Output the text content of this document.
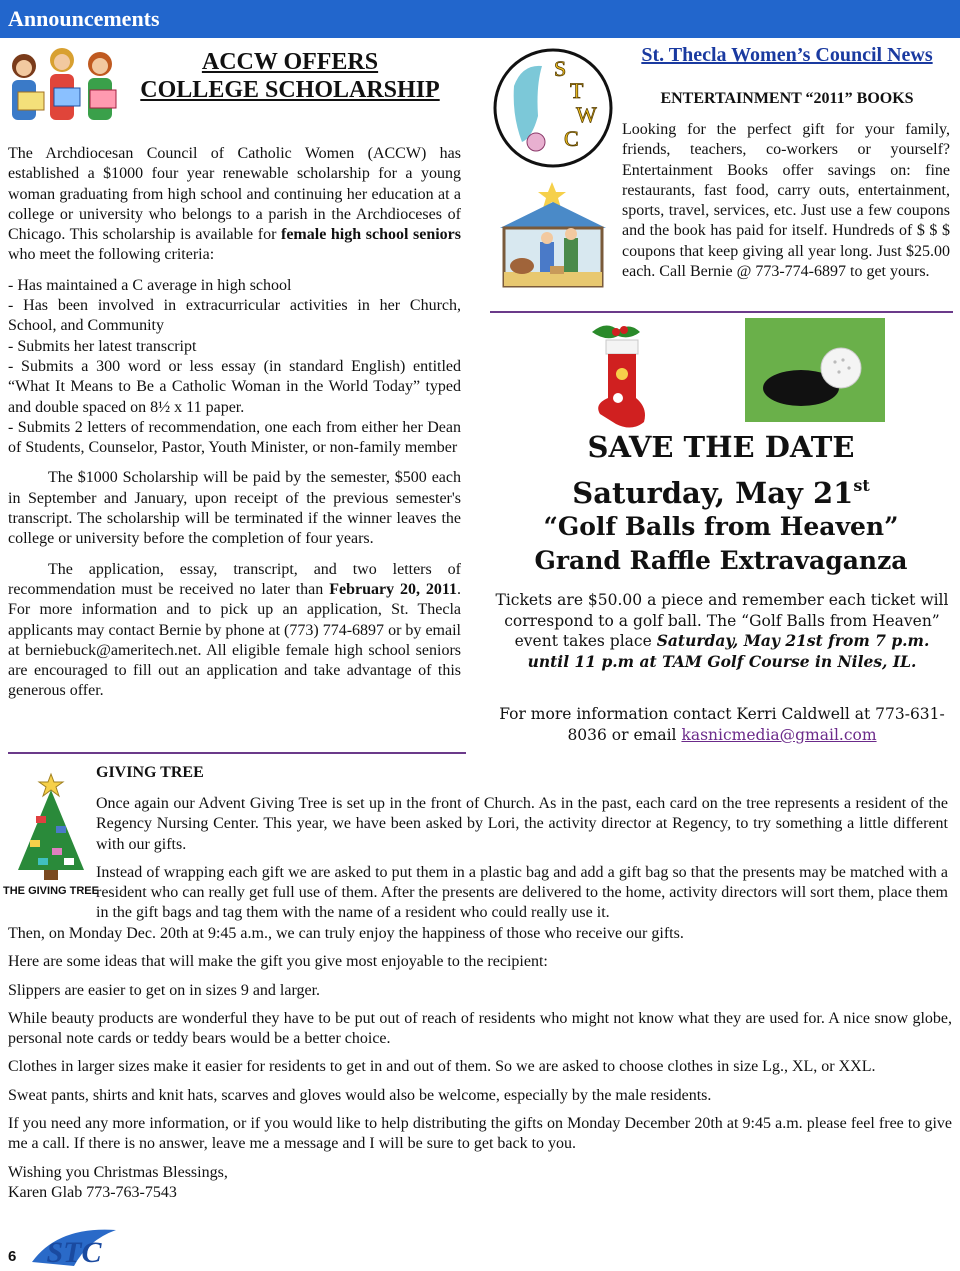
Announcements
ACCW OFFERS
COLLEGE SCHOLARSHIP

The Archdiocesan Council of Catholic Women (ACCW) has established a $1000 four year renewable scholarship for a young woman graduating from high school and continuing her education at a college or university who belongs to a parish in the Archdioceses of Chicago. This scholarship is available for female high school seniors who meet the following criteria:

- Has maintained a C average in high school

- Has been involved in extracurricular activities in her Church, School, and Community

- Submits her latest transcript

- Submits a 300 word or less essay (in standard English) entitled “What It Means to Be a Catholic Woman in the World Today” typed and double spaced on 8½ x 11 paper.

- Submits 2 letters of recommendation, one each from either her Dean of Students, Counselor, Pastor, Youth Minister, or non-family member

The $1000 Scholarship will be paid by the semester, $500 each in September and January, upon receipt of the previous semester's transcript. The scholarship will be terminated if the winner leaves the college or university before the completion of four years.

The application, essay, transcript, and two letters of recommendation must be received no later than February 20, 2011. For more information and to pick up an application, St. Thecla applicants may contact Bernie by phone at (773) 774-6897 or by email at berniebuck@ameritech.net. All eligible female high school seniors are encouraged to fill out an application and take advantage of this generous offer.

S
T
W
C
St. Thecla Women’s Council News
ENTERTAINMENT “2011” BOOKS
Looking for the perfect gift for your family, friends, teachers, co-workers or yourself? Entertainment Books offer savings on: fine restaurants, fast food, carry outs, entertainment, sports, travel, services, etc. Just use a few coupons and the book has paid for itself. Hundreds of $ $ $ coupons that keep giving all year long. Just $25.00 each. Call Bernie @ 773-774-6897 to get yours.
SAVE THE DATE
Saturday, May 21st
“Golf Balls from Heaven”
Grand Raffle Extravaganza
Tickets are $50.00 a piece and remember each ticket will correspond to a golf ball. The “Golf Balls from Heaven” event takes place Saturday, May 21st from 7 p.m. until 11 p.m at TAM Golf Course in Niles, IL.
For more information contact Kerri Caldwell at 773-631-8036 or email kasnicmedia@gmail.com
THE GIVING TREE
GIVING TREE

Once again our Advent Giving Tree is set up in the front of Church. As in the past, each card on the tree represents a resident of the Regency Nursing Center. This year, we have been asked by Lori, the activity director at Regency, to try something a little different with our gifts.

Instead of wrapping each gift we are asked to put them in a plastic bag and add a gift bag so that the presents may be matched with a resident who can really get full use of them. After the presents are delivered to the home, activity directors will sort them, place them in the gift bags and tag them with the name of a resident who could really use it.

Then, on Monday Dec. 20th at 9:45 a.m., we can truly enjoy the happiness of those who receive our gifts.

Here are some ideas that will make the gift you give most enjoyable to the recipient:

Slippers are easier to get on in sizes 9 and larger.

While beauty products are wonderful they have to be put out of reach of residents who might not know what they are used for. A nice snow globe, personal note cards or teddy bears would be a better choice.

Clothes in larger sizes make it easier for residents to get in and out of them. So we are asked to choose clothes in size Lg., XL, or XXL.

Sweat pants, shirts and knit hats, scarves and gloves would also be welcome, especially by the male residents.

If you need any more information, or if you would like to help distributing the gifts on Monday December 20th at 9:45 a.m. please feel free to give me a call. If there is no answer, leave me a message and I will be sure to get back to you.

Wishing you Christmas Blessings,
Karen Glab 773-763-7543

6 STC
